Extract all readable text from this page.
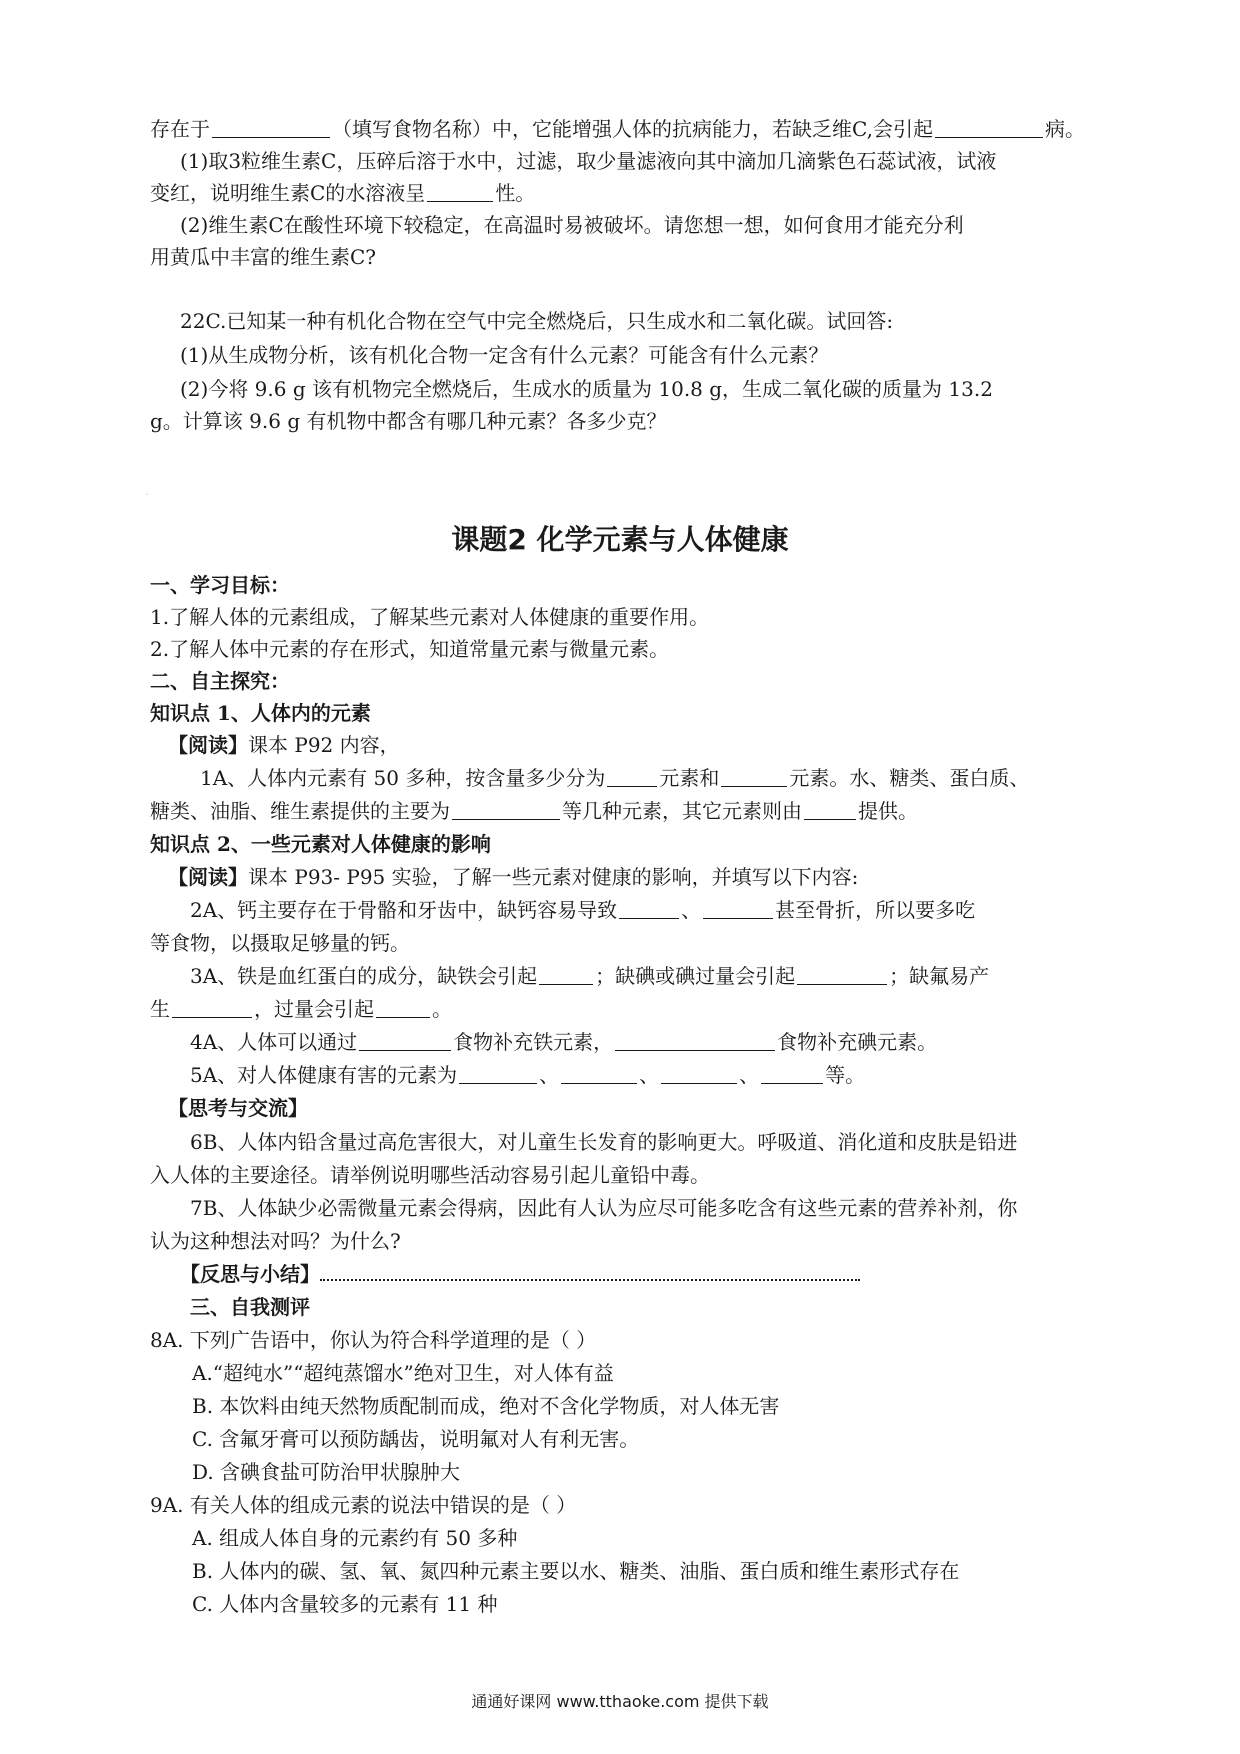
存在于	（填写食物名称）中，它能增强人体的抗病能力，若缺乏维C,会引起	病。
(1)取3粒维生素C，压碎后溶于水中，过滤，取少量滤液向其中滴加几滴紫色石蕊试液，试液
变红，说明维生素C的水溶液呈	性。
(2)维生素C在酸性环境下较稳定，在高温时易被破坏。请您想一想，如何食用才能充分利
用黄瓜中丰富的维生素C?
22C.已知某一种有机化合物在空气中完全燃烧后，只生成水和二氧化碳。试回答:
(1)从生成物分析，该有机化合物一定含有什么元素？可能含有什么元素？
(2)今将 9.6 g 该有机物完全燃烧后，生成水的质量为 10.8 g，生成二氧化碳的质量为 13.2
g。计算该 9.6 g 有机物中都含有哪几种元素？各多少克？
`
课题2 化学元素与人体健康
一、学习目标：
1.了解人体的元素组成，了解某些元素对人体健康的重要作用。
2.了解人体中元素的存在形式，知道常量元素与微量元素。
二、自主探究：
知识点 1、人体内的元素
【阅读】课本 P92 内容，
1A、人体内元素有 50 多种，按含量多少分为	元素和	元素。水、糖类、蛋白质、
糖类、油脂、维生素提供的主要为	等几种元素，其它元素则由	提供。
知识点 2、一些元素对人体健康的影响
【阅读】课本 P93- P95 实验，了解一些元素对健康的影响，并填写以下内容:
2A、钙主要存在于骨骼和牙齿中，缺钙容易导致	、	甚至骨折，所以要多吃
等食物，以摄取足够量的钙。
3A、铁是血红蛋白的成分，缺铁会引起	；缺碘或碘过量会引起	；缺氟易产
生	，过量会引起	。
4A、人体可以通过	食物补充铁元素，	食物补充碘元素。
5A、对人体健康有害的元素为	、	、	、	等。
【思考与交流】
6B、人体内铅含量过高危害很大，对儿童生长发育的影响更大。呼吸道、消化道和皮肤是铅进
入人体的主要途径。请举例说明哪些活动容易引起儿童铅中毒。
7B、人体缺少必需微量元素会得病，因此有人认为应尽可能多吃含有这些元素的营养补剂，你
认为这种想法对吗？为什么?
【反思与小结】
三、自我测评
8A. 下列广告语中，你认为符合科学道理的是（ ）
A.“超纯水”“超纯蒸馏水”绝对卫生，对人体有益
B. 本饮料由纯天然物质配制而成，绝对不含化学物质，对人体无害
C. 含氟牙膏可以预防龋齿，说明氟对人有利无害。
D. 含碘食盐可防治甲状腺肿大
9A. 有关人体的组成元素的说法中错误的是（ ）
A. 组成人体自身的元素约有 50 多种
B. 人体内的碳、氢、氧、氮四种元素主要以水、糖类、油脂、蛋白质和维生素形式存在
C. 人体内含量较多的元素有 11 种
通通好课网 www.tthaoke.com 提供下载
